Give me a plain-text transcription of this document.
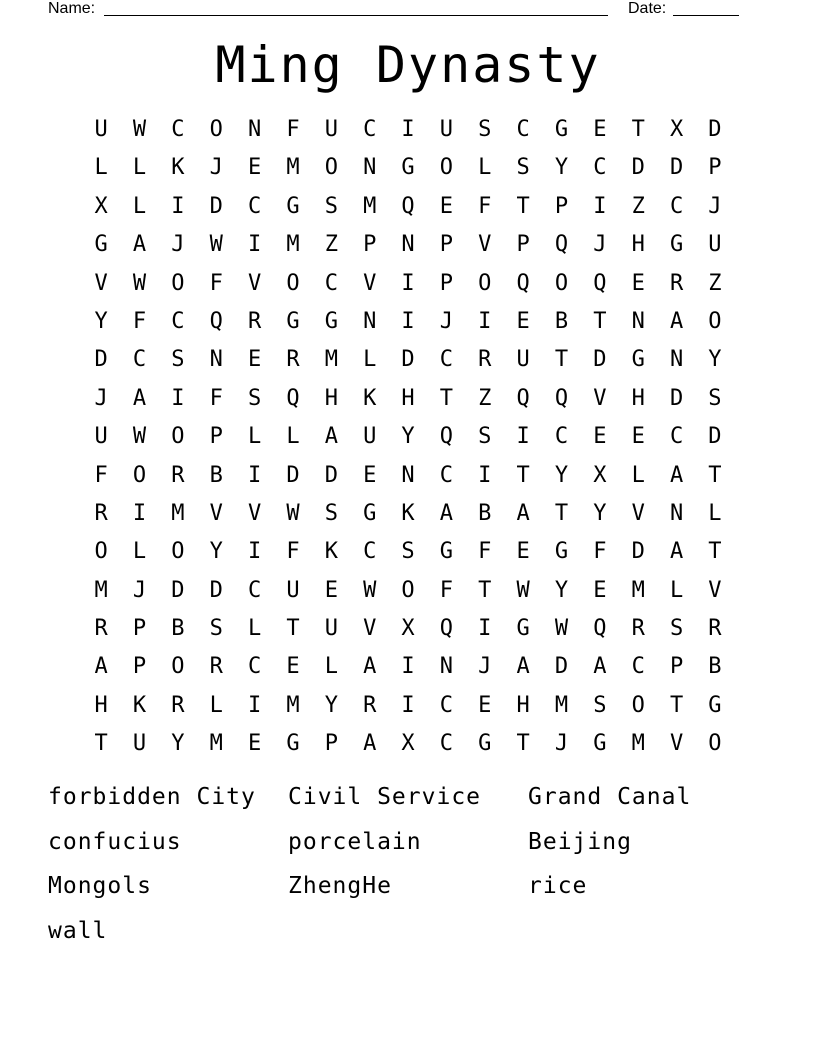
Name:	Date:
Ming Dynasty
U	W	C	O	N	F	U	C	I	U	S	C	G	E	T	X	D
L	L	K	J	E	M	O	N	G	O	L	S	Y	C	D	D	P
X	L	I	D	C	G	S	M	Q	E	F	T	P	I	Z	C	J
G	A	J	W	I	M	Z	P	N	P	V	P	Q	J	H	G	U
V	W	O	F	V	O	C	V	I	P	O	Q	O	Q	E	R	Z
Y	F	C	Q	R	G	G	N	I	J	I	E	B	T	N	A	O
D	C	S	N	E	R	M	L	D	C	R	U	T	D	G	N	Y
J	A	I	F	S	Q	H	K	H	T	Z	Q	Q	V	H	D	S
U	W	O	P	L	L	A	U	Y	Q	S	I	C	E	E	C	D
F	O	R	B	I	D	D	E	N	C	I	T	Y	X	L	A	T
R	I	M	V	V	W	S	G	K	A	B	A	T	Y	V	N	L
O	L	O	Y	I	F	K	C	S	G	F	E	G	F	D	A	T
M	J	D	D	C	U	E	W	O	F	T	W	Y	E	M	L	V
R	P	B	S	L	T	U	V	X	Q	I	G	W	Q	R	S	R
A	P	O	R	C	E	L	A	I	N	J	A	D	A	C	P	B
H	K	R	L	I	M	Y	R	I	C	E	H	M	S	O	T	G
T	U	Y	M	E	G	P	A	X	C	G	T	J	G	M	V	O
forbidden City	Civil Service	Grand Canal
confucius	porcelain	Beijing
Mongols	ZhengHe	rice
wall
